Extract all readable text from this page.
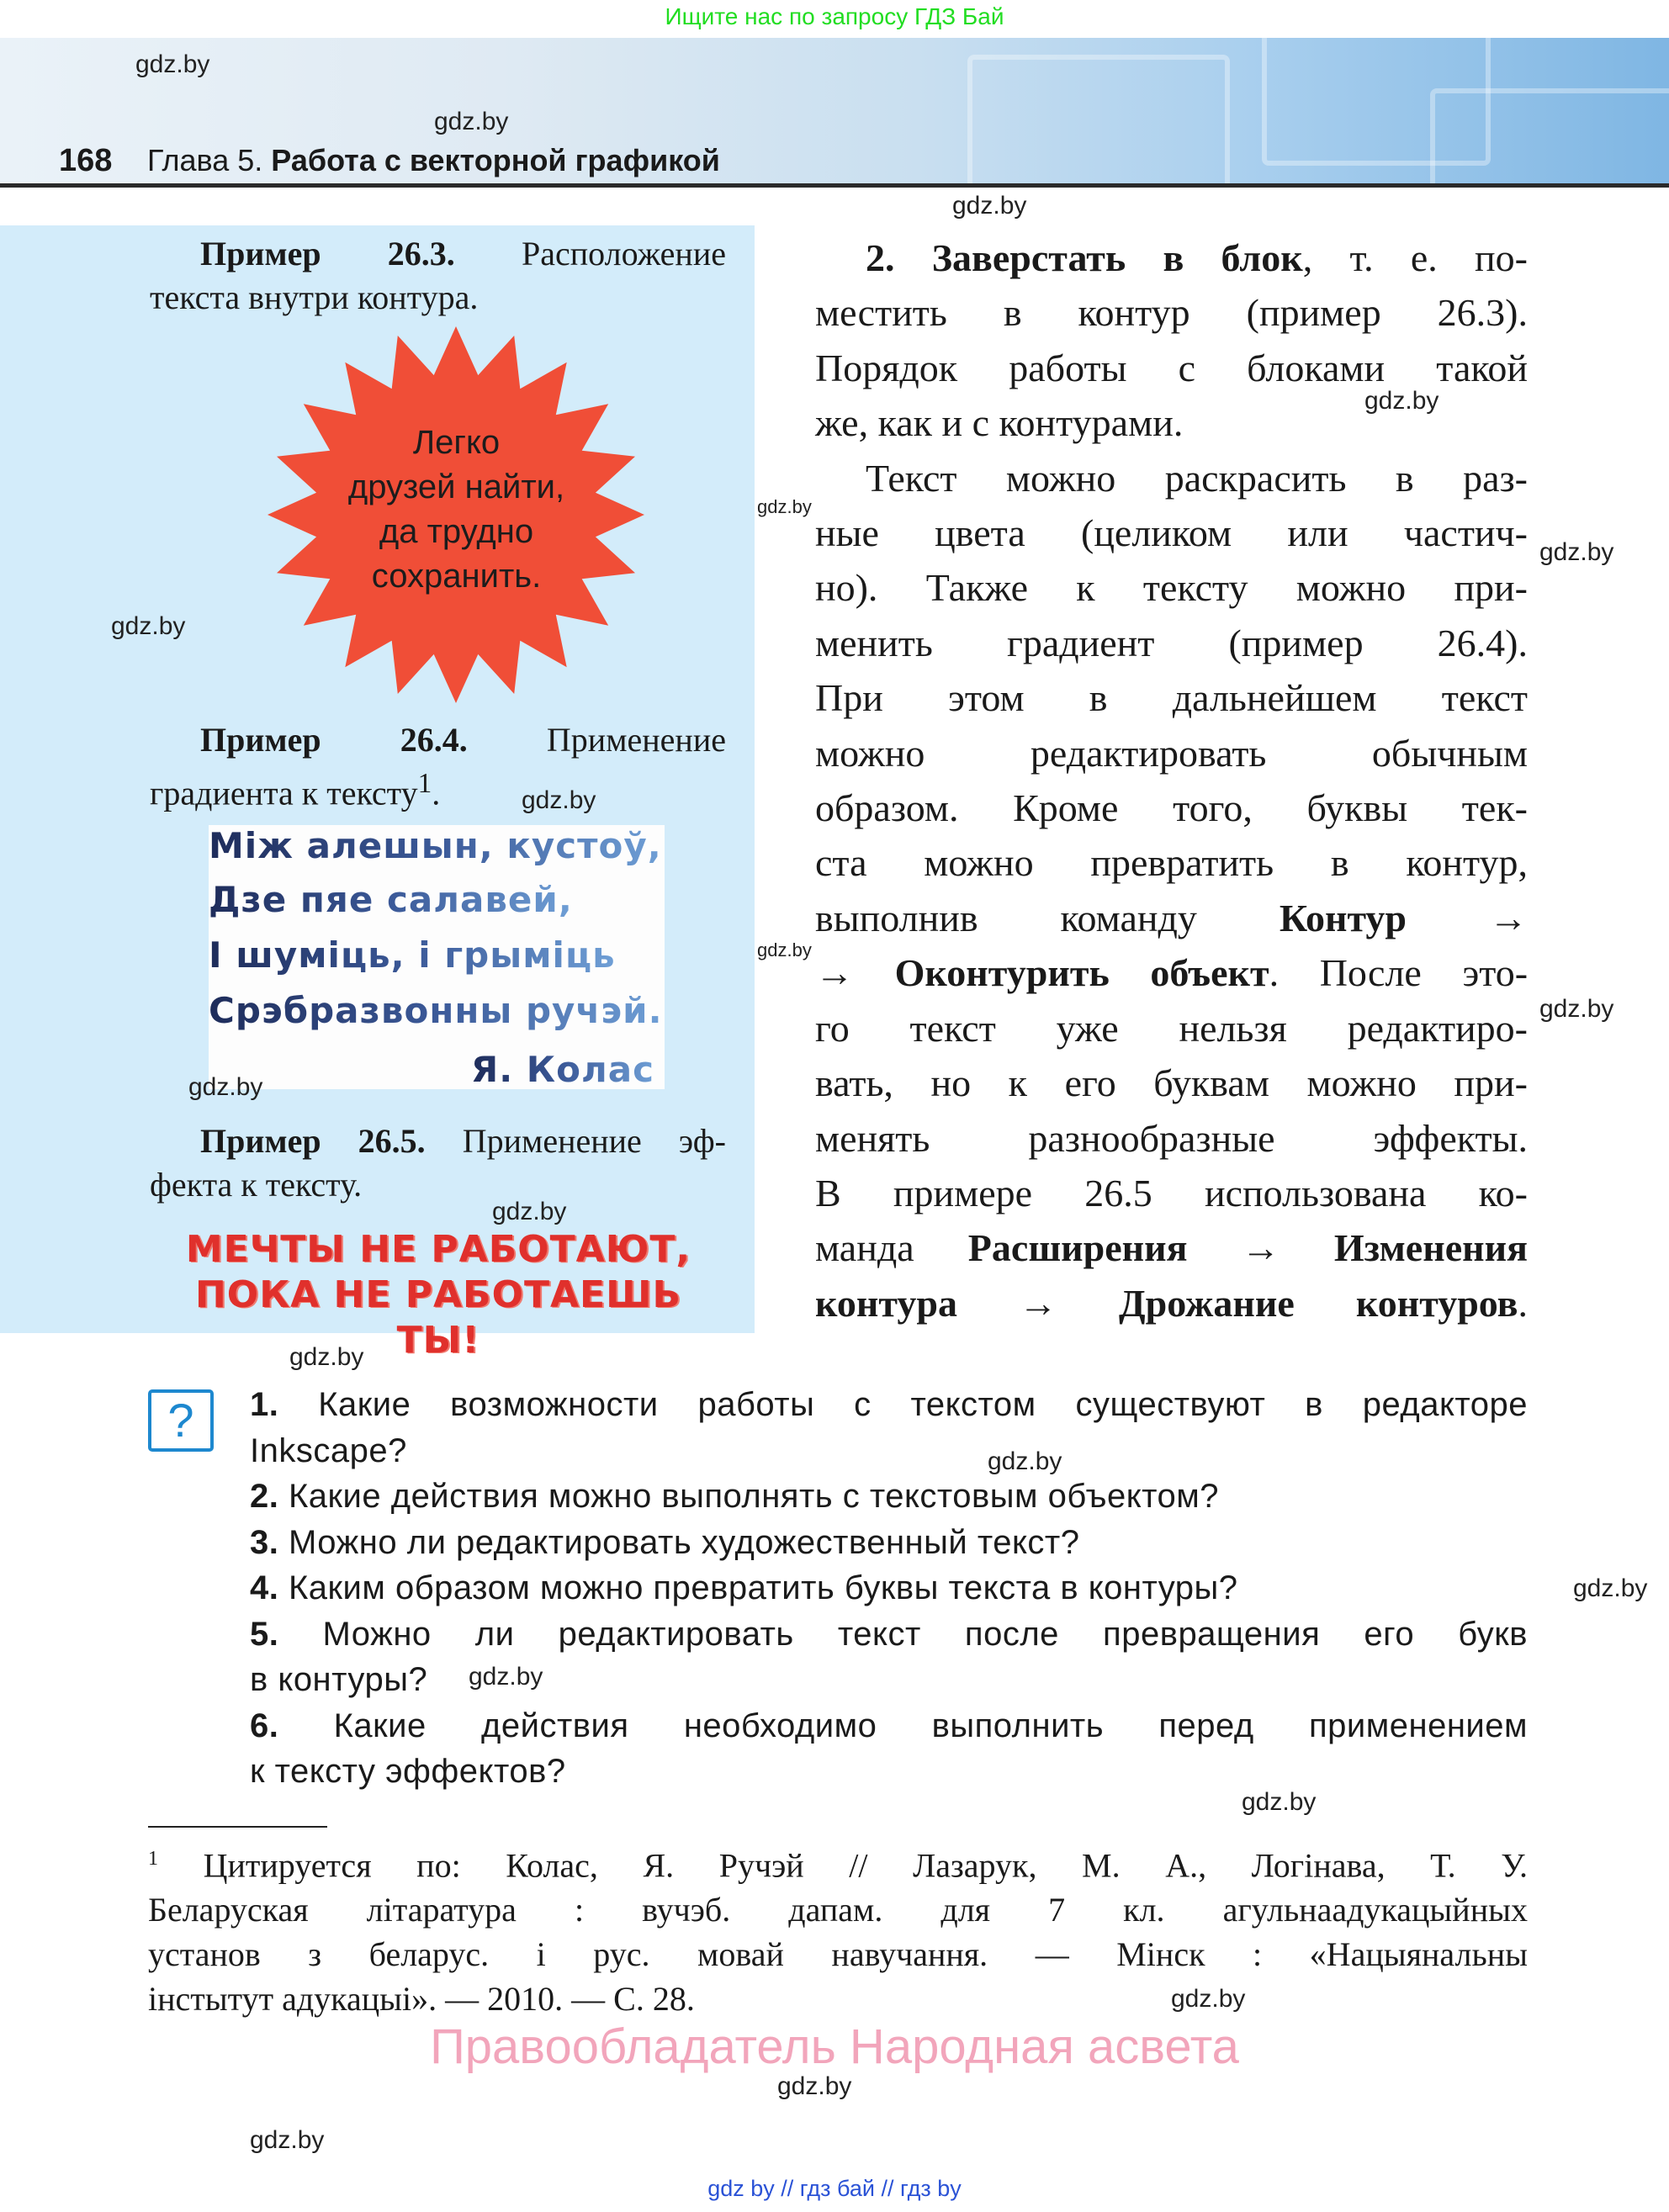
Ищите нас по запросу ГДЗ Бай
168 Глава 5. Работа с векторной графикой
Пример 26.3. Расположение
текста внутри контура.
Легко
друзей найти,
да трудно
сохранить.
Пример 26.4. Применение
градиента к тексту$^1$.
Між алешын, кустоў,
Дзе пяе салавей,
І шуміць, і грыміць
Срэбразвонны ручэй.
Я. Колас
Пример 26.5. Применение эф-
фекта к тексту.
МЕЧТЫ НЕ РАБОТАЮТ,
ПОКА НЕ РАБОТАЕШЬ ТЫ!
2. Заверстать в блок, т. е. по-
местить в контур (пример 26.3).
Порядок работы с блоками такой
же, как и с контурами.
Текст можно раскрасить в раз-
ные цвета (целиком или частич-
но). Также к тексту можно при-
менить градиент (пример 26.4).
При этом в дальнейшем текст
можно редактировать обычным
образом. Кроме того, буквы тек-
ста можно превратить в контур,
выполнив команду Контур →
→ Оконтурить объект. После это-
го текст уже нельзя редактиро-
вать, но к его буквам можно при-
менять разнообразные эффекты.
В примере 26.5 использована ко-
манда Расширения → Изменения
контура → Дрожание контуров.
?	1. Какие возможности работы с текстом существуют в редакторе
Inkscape?
2. Какие действия можно выполнять с текстовым объектом?
3. Можно ли редактировать художественный текст?
4. Каким образом можно превратить буквы текста в контуры?
5. Можно ли редактировать текст после превращения его букв
в контуры?
6. Какие действия необходимо выполнить перед применением
к тексту эффектов?
$^1$ Цитируется по: Колас, Я. Ручэй // Лазарук, М. А., Логінава, Т. У.
Беларуская літаратура : вучэб. дапам. для 7 кл. агульнаадукацыйных
установ з беларус. і рус. мовай навучання. — Мінск : «Нацыянальны
інстытут адукацыі». — 2010. — С. 28.
Правообладатель Народная асвета
gdz by // гдз бай // гдз by
gdz.by
gdz.by
gdz.by
gdz.by
gdz.by
gdz.by
gdz.by
gdz.by
gdz.by
gdz.by
gdz.by
gdz.by
gdz.by
gdz.by
gdz.by
gdz.by
gdz.by
gdz.by
gdz.by
gdz.by
